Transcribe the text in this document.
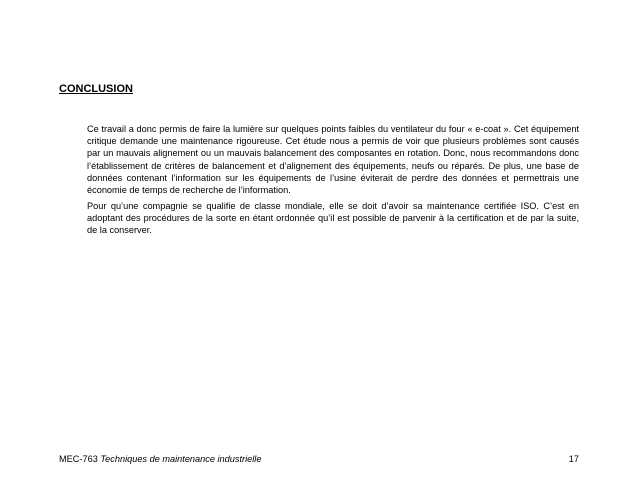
CONCLUSION

Ce travail a donc permis de faire la lumière sur quelques points faibles du ventilateur du four « e-coat ». Cet équipement critique demande une maintenance rigoureuse. Cet étude nous a permis de voir que plusieurs problèmes sont causés par un mauvais alignement ou un mauvais balancement des composantes en rotation. Donc, nous recommandons donc l’établissement de critères de balancement et d’alignement des équipements, neufs ou réparés. De plus, une base de données contenant l’information sur les équipements de l’usine éviterait de perdre des données et permettrais une économie de temps de recherche de l’information.

Pour qu’une compagnie se qualifie de classe mondiale, elle se doit d’avoir sa maintenance certifiée ISO. C’est en adoptant des procédures de la sorte en étant ordonnée qu’il est possible de parvenir à la certification et de par la suite, de la conserver.

MEC-763 Techniques de maintenance industrielle	17
